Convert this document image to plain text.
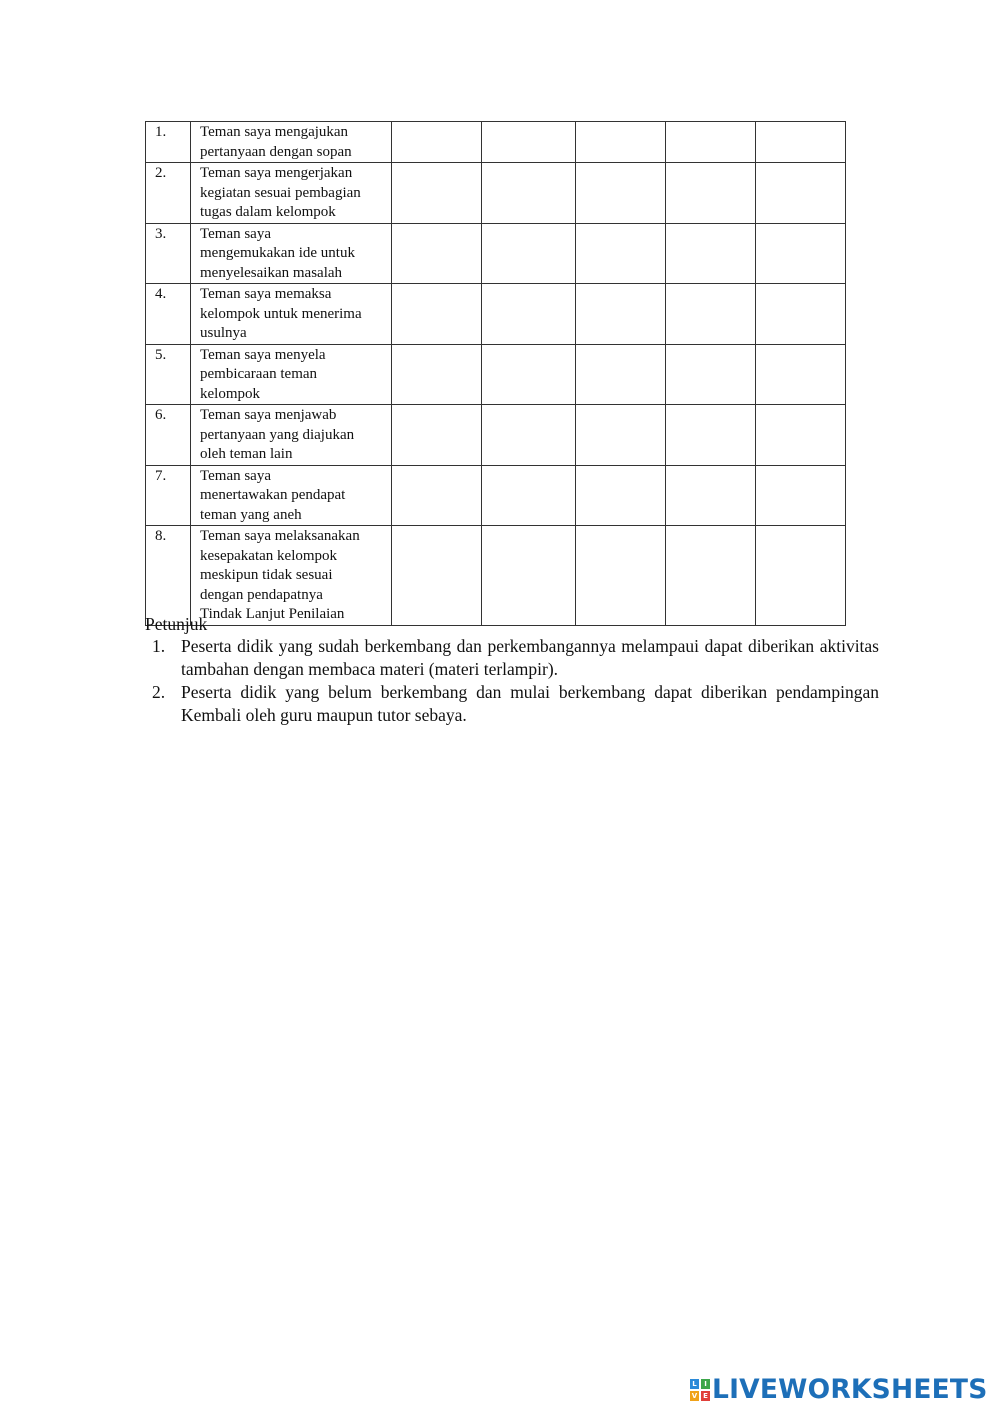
1.	Teman saya mengajukan
pertanyaan dengan sopan					

2.	Teman saya mengerjakan
kegiatan sesuai pembagian
tugas dalam kelompok					

3.	Teman saya
mengemukakan ide untuk
menyelesaikan masalah					

4.	Teman saya memaksa
kelompok untuk menerima
usulnya					

5.	Teman saya menyela
pembicaraan teman
kelompok					

6.	Teman saya menjawab
pertanyaan yang diajukan
oleh teman lain					

7.	Teman saya
menertawakan pendapat
teman yang aneh					

8.	Teman saya melaksanakan
kesepakatan kelompok
meskipun tidak sesuai
dengan pendapatnya
Tindak Lanjut Penilaian					

Petunjuk
1. Peserta didik yang sudah berkembang dan perkembangannya melampaui dapat diberikan aktivitas tambahan dengan membaca materi (materi terlampir).
2. Peserta didik yang belum berkembang dan mulai berkembang dapat diberikan pendampingan Kembali oleh guru maupun tutor sebaya.
L	I
V E LIVEWORKSHEETS
